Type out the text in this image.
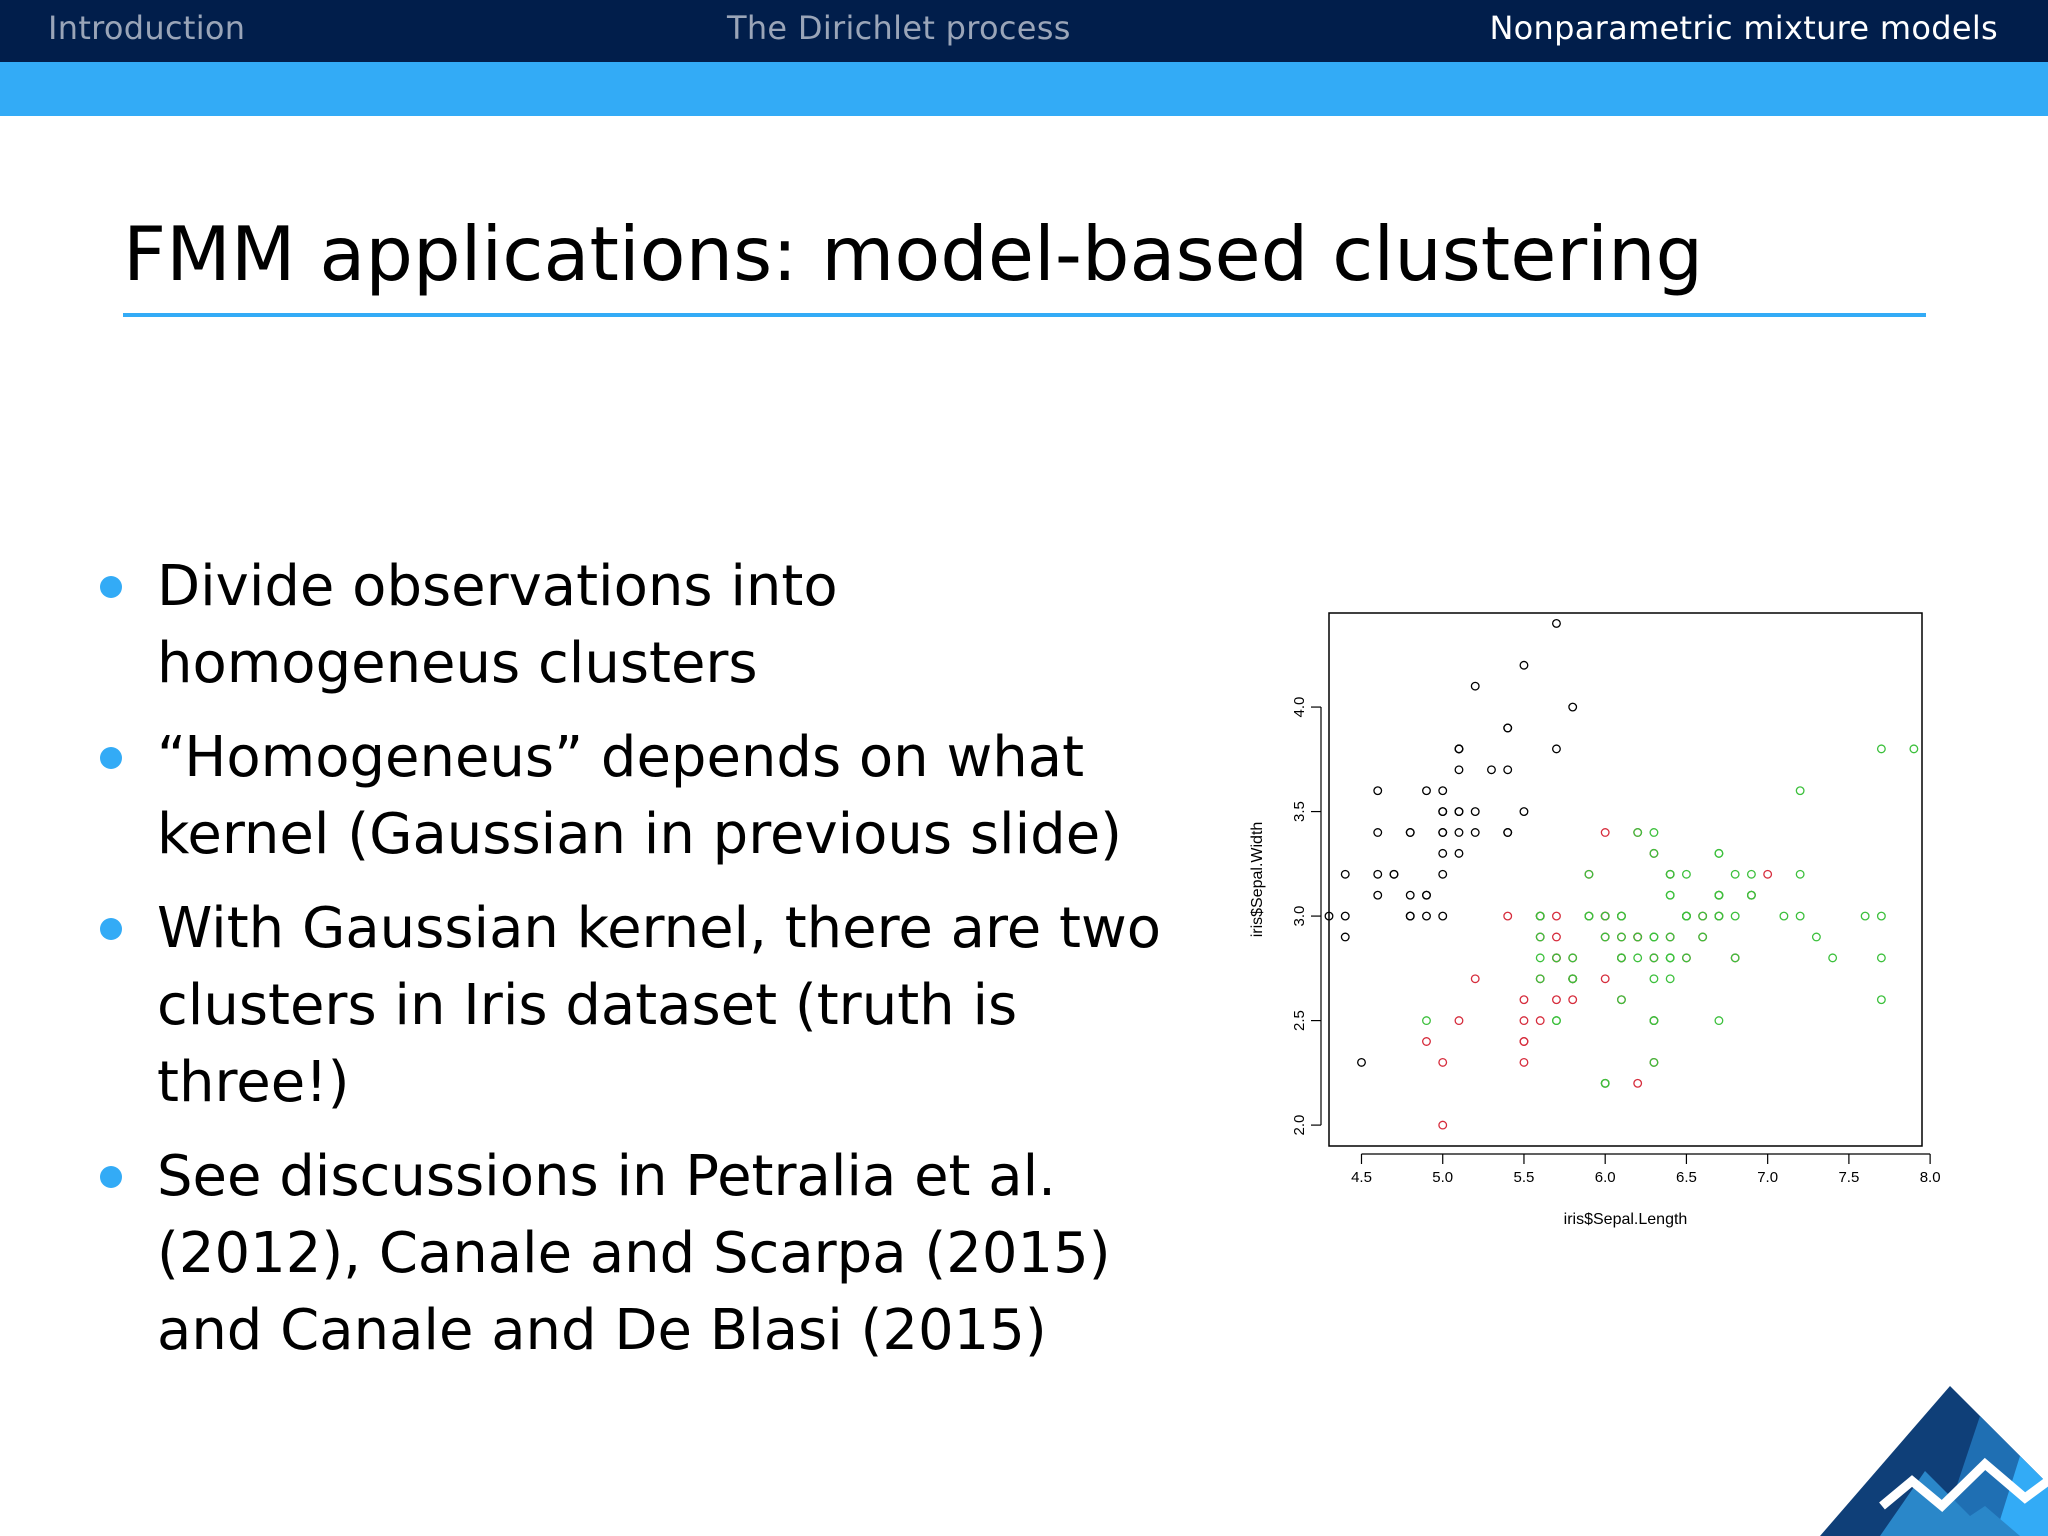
Introduction	The Dirichlet process	Nonparametric mixture models
FMM applications: model-based clustering
Divide observations into homogeneus clusters
“Homogeneus” depends on what kernel (Gaussian in previous slide)
With Gaussian kernel, there are two clusters in Iris dataset (truth is three!)
See discussions in Petralia et al. (2012), Canale and Scarpa (2015) and Canale and De Blasi (2015)
4.5	5.0	5.5	6.0	6.5	7.0	7.5	8.0
2.0
2.5
3.0
3.5
4.0
iris$Sepal.Length
iris$Sepal.Width
